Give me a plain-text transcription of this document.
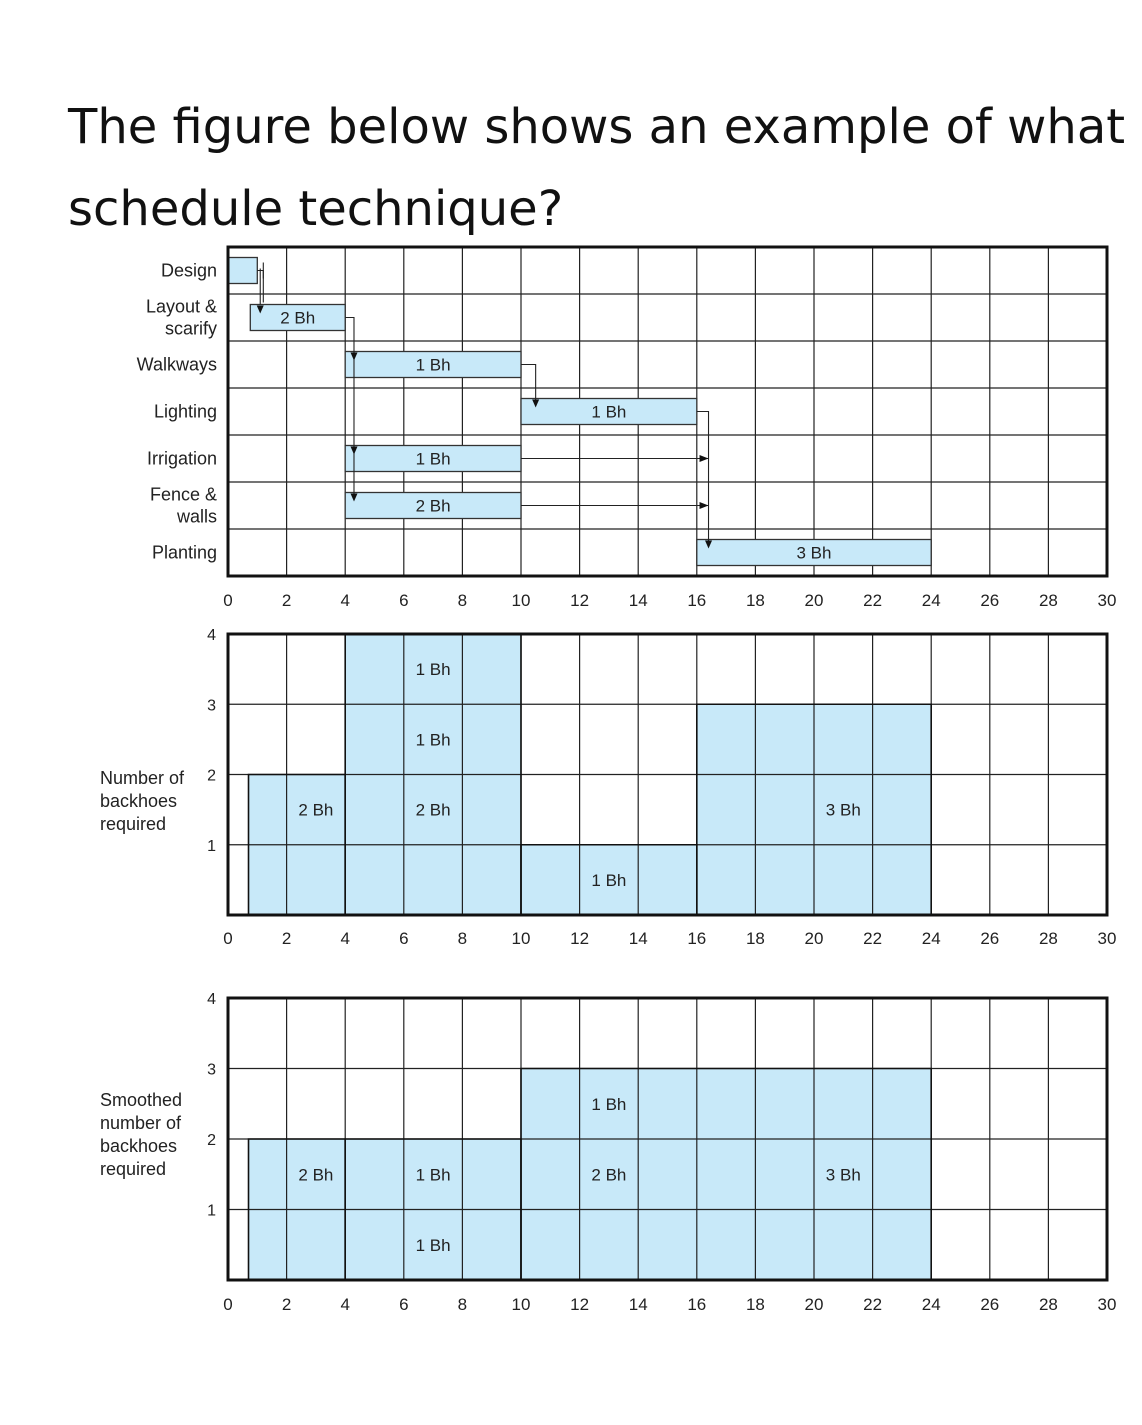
The figure below shows an example of what
schedule technique?
Design
Layout &
scarify
2 Bh
Walkways	1 Bh
Lighting	1 Bh
Irrigation	1 Bh
Fence &
walls
2 Bh
Planting	3 Bh
0	2	4	6	8	10 12 14 16 18 20 22 24 26 28 30
2 Bh
1 Bh
1 Bh
2 Bh
1 Bh
3 Bh
1
2
3
4
0	2	4	6	8	10 12 14 16 18 20 22 24 26 28 30
Number of
backhoes
required
2 Bh	1 Bh
1 Bh
1 Bh
2 Bh	3 Bh
1
2
3
4
0	2	4	6	8	10 12 14 16 18 20 22 24 26 28 30
Smoothed
number of
backhoes
required
